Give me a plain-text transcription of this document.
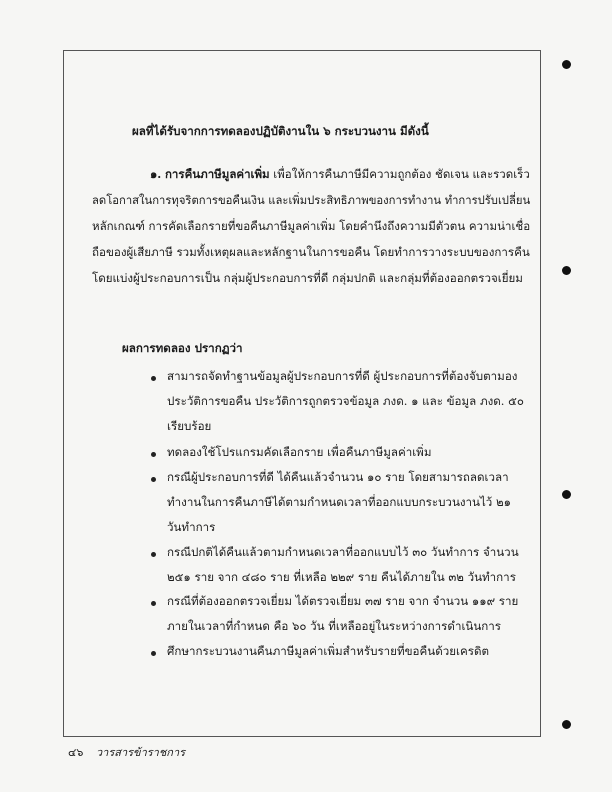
ผลที่ได้รับจากการทดลองปฏิบัติงานใน ๖ กระบวนงาน มีดังนี้

๑. การคืนภาษีมูลค่าเพิ่ม เพื่อให้การคืนภาษีมีความถูกต้อง ชัดเจน และรวดเร็ว

ลดโอกาสในการทุจริตการขอคืนเงิน และเพิ่มประสิทธิภาพของการทำงาน ทำการปรับเปลี่ยน

หลักเกณฑ์ การคัดเลือกรายที่ขอคืนภาษีมูลค่าเพิ่ม โดยคำนึงถึงความมีตัวตน ความน่าเชื่อ

ถือของผู้เสียภาษี รวมทั้งเหตุผลและหลักฐานในการขอคืน โดยทำการวางระบบของการคืน

โดยแบ่งผู้ประกอบการเป็น กลุ่มผู้ประกอบการที่ดี กลุ่มปกติ และกลุ่มที่ต้องออกตรวจเยี่ยม

ผลการทดลอง ปรากฏว่า

สามารถจัดทำฐานข้อมูลผู้ประกอบการที่ดี ผู้ประกอบการที่ต้องจับตามอง

ประวัติการขอคืน ประวัติการถูกตรวจข้อมูล ภงด. ๑ และ ข้อมูล ภงด. ๕๐

เรียบร้อย

ทดลองใช้โปรแกรมคัดเลือกราย เพื่อคืนภาษีมูลค่าเพิ่ม

กรณีผู้ประกอบการที่ดี ได้คืนแล้วจำนวน ๑๐ ราย โดยสามารถลดเวลา

ทำงานในการคืนภาษีได้ตามกำหนดเวลาที่ออกแบบกระบวนงานไว้ ๒๑

วันทำการ

กรณีปกติได้คืนแล้วตามกำหนดเวลาที่ออกแบบไว้ ๓๐ วันทำการ จำนวน

๒๕๑ ราย จาก ๔๘๐ ราย ที่เหลือ ๒๒๙ ราย คืนได้ภายใน ๓๒ วันทำการ

กรณีที่ต้องออกตรวจเยี่ยม ได้ตรวจเยี่ยม ๓๗ ราย จาก จำนวน ๑๑๙ ราย

ภายในเวลาที่กำหนด คือ ๖๐ วัน ที่เหลืออยู่ในระหว่างการดำเนินการ

ศึกษากระบวนงานคืนภาษีมูลค่าเพิ่มสำหรับรายที่ขอคืนด้วยเครดิต

๔๖ วารสารข้าราชการ
